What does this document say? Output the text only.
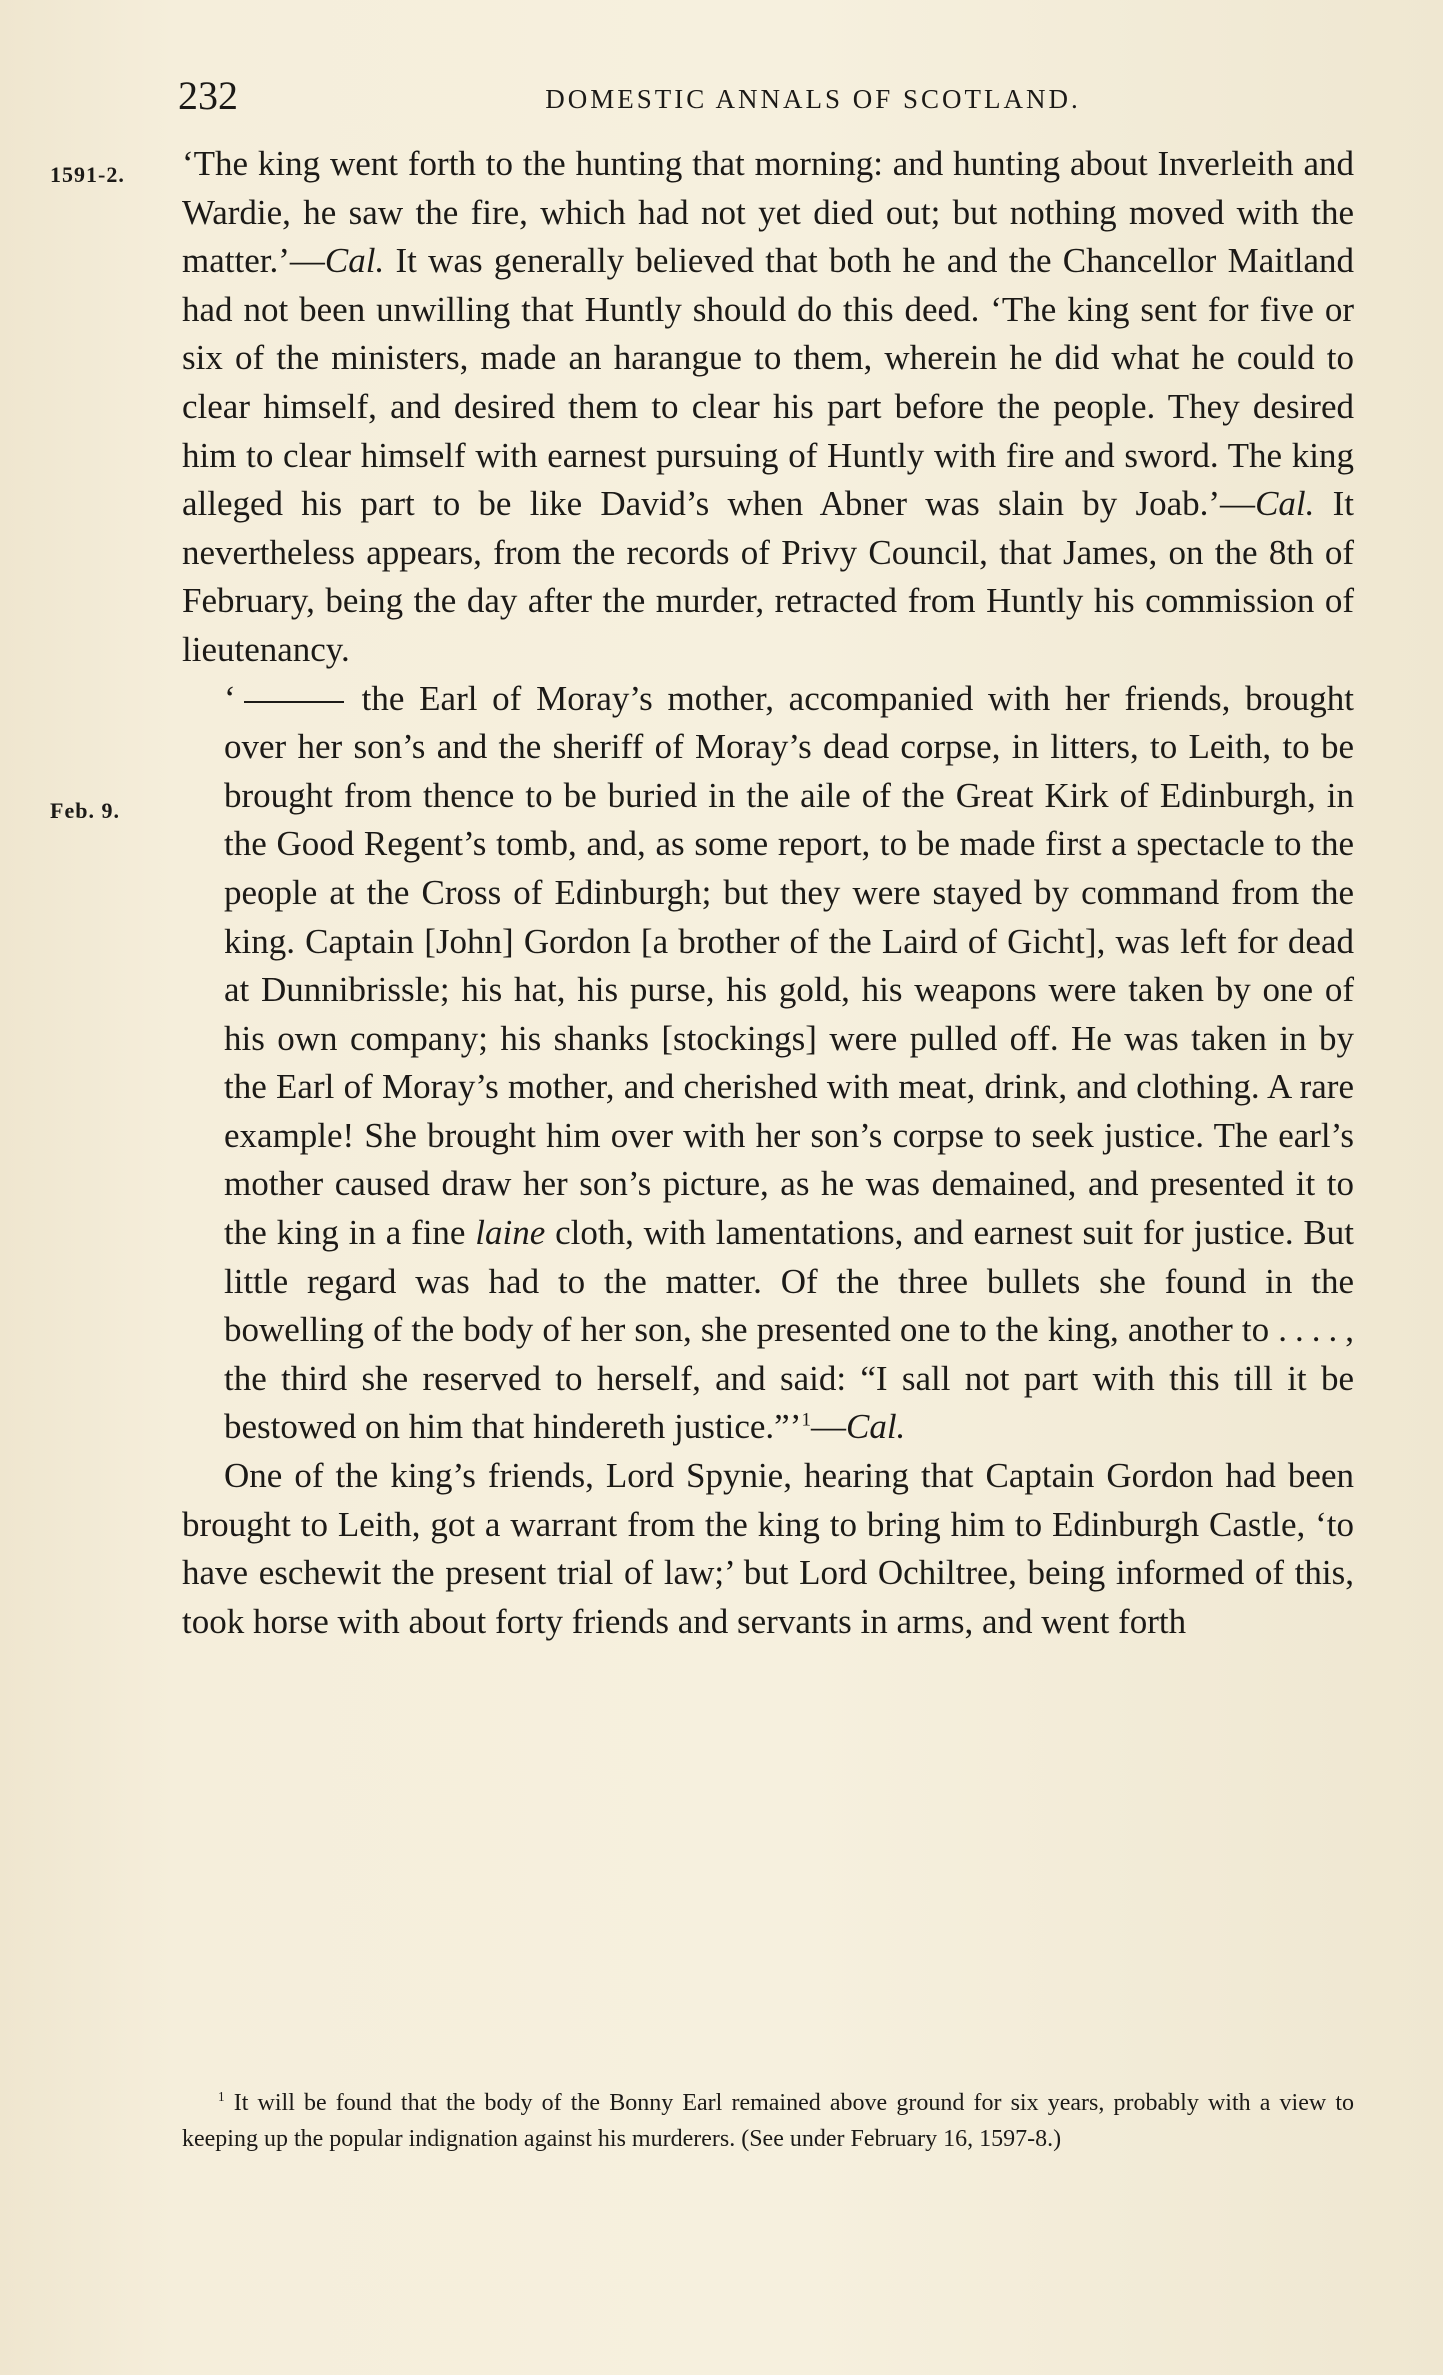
232	DOMESTIC ANNALS OF SCOTLAND.
1591-2.
Feb. 9.

‘The king went forth to the hunting that morning: and hunting about Inverleith and Wardie, he saw the fire, which had not yet died out; but nothing moved with the matter.’—Cal. It was generally believed that both he and the Chancellor Maitland had not been unwilling that Huntly should do this deed. ‘The king sent for five or six of the ministers, made an harangue to them, wherein he did what he could to clear himself, and desired them to clear his part before the people. They desired him to clear himself with earnest pursuing of Huntly with fire and sword. The king alleged his part to be like David’s when Abner was slain by Joab.’—Cal. It nevertheless appears, from the records of Privy Council, that James, on the 8th of February, being the day after the murder, retracted from Huntly his commission of lieutenancy.

‘	the Earl of Moray’s mother, accompanied with her friends, brought over her son’s and the sheriff of Moray’s dead corpse, in litters, to Leith, to be brought from thence to be buried in the aile of the Great Kirk of Edinburgh, in the Good Regent’s tomb, and, as some report, to be made first a spectacle to the people at the Cross of Edinburgh; but they were stayed by command from the king. Captain [John] Gordon [a brother of the Laird of Gicht], was left for dead at Dunnibrissle; his hat, his purse, his gold, his weapons were taken by one of his own company; his shanks [stockings] were pulled off. He was taken in by the Earl of Moray’s mother, and cherished with meat, drink, and clothing. A rare example! She brought him over with her son’s corpse to seek justice. The earl’s mother caused draw her son’s picture, as he was demained, and presented it to the king in a fine laine cloth, with lamentations, and earnest suit for justice. But little regard was had to the matter. Of the three bullets she found in the bowelling of the body of her son, she presented one to the king, another to ...., the third she reserved to herself, and said: “I sall not part with this till it be bestowed on him that hindereth justice.”’$^1$—Cal.

One of the king’s friends, Lord Spynie, hearing that Captain Gordon had been brought to Leith, got a warrant from the king to bring him to Edinburgh Castle, ‘to have eschewit the present trial of law;’ but Lord Ochiltree, being informed of this, took horse with about forty friends and servants in arms, and went forth

$^1$ It will be found that the body of the Bonny Earl remained above ground for six years, probably with a view to keeping up the popular indignation against his murderers. (See under February 16, 1597-8.)
